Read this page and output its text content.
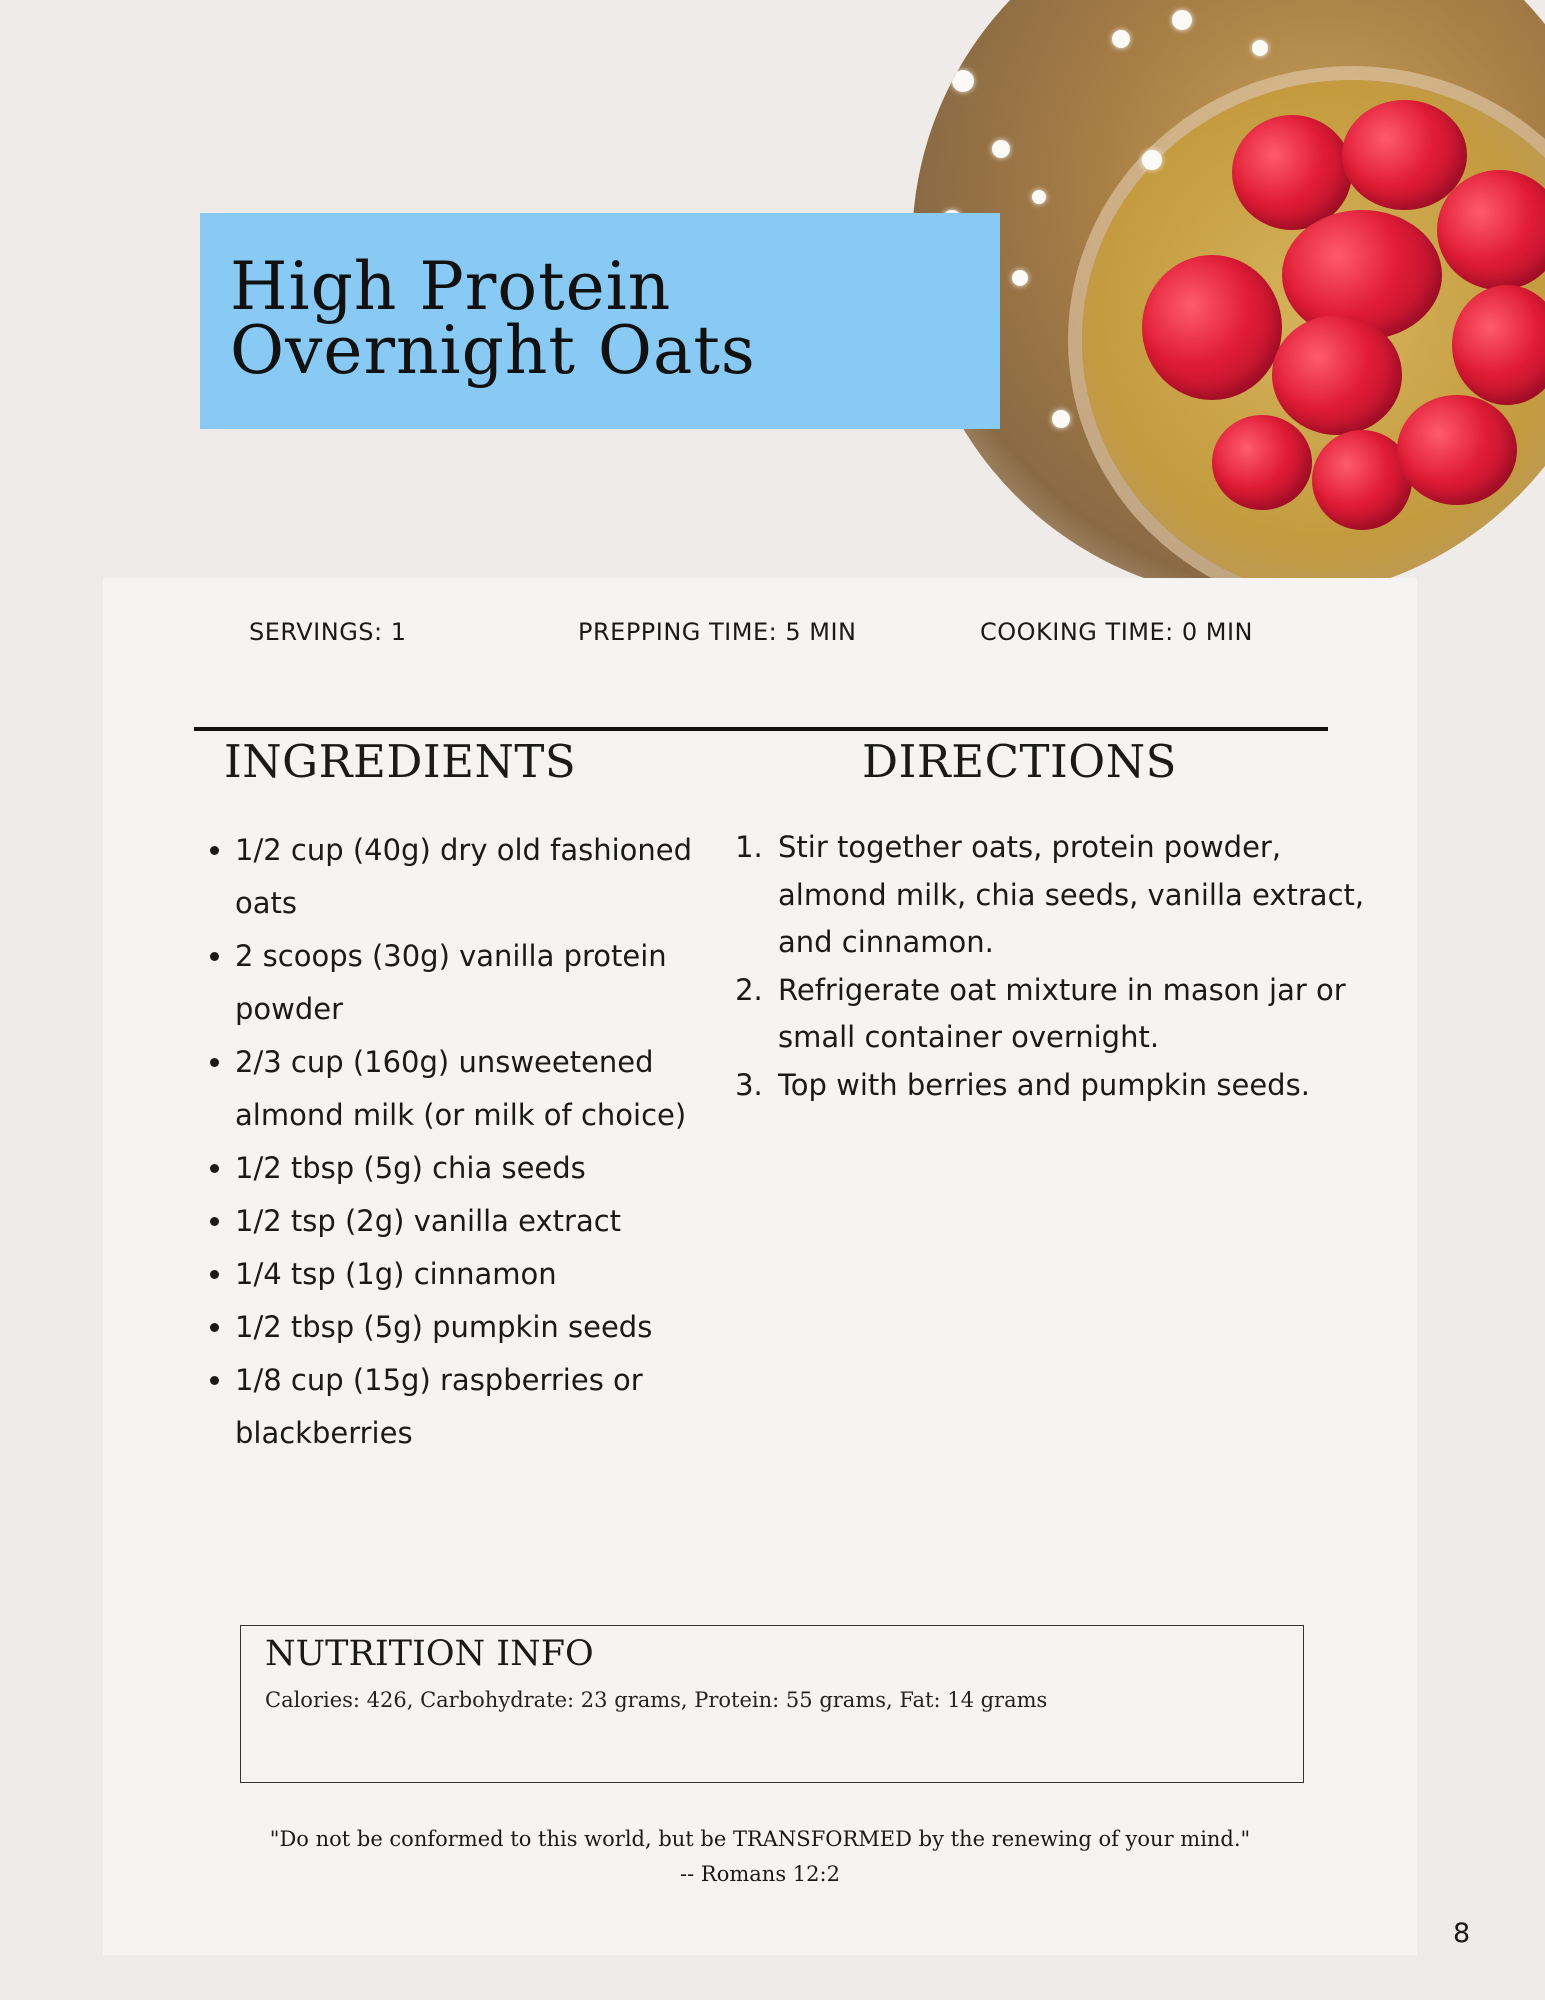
High Protein
Overnight Oats
SERVINGS: 1	PREPPING TIME: 5 MIN	COOKING TIME: 0 MIN
INGREDIENTS	DIRECTIONS
• 1/2 cup (40g) dry old fashioned oats
• 2 scoops (30g) vanilla protein powder
• 2/3 cup (160g) unsweetened almond milk (or milk of choice)
• 1/2 tbsp (5g) chia seeds
• 1/2 tsp (2g) vanilla extract
• 1/4 tsp (1g) cinnamon
• 1/2 tbsp (5g) pumpkin seeds
• 1/8 cup (15g) raspberries or blackberries
1. Stir together oats, protein powder, almond milk, chia seeds, vanilla extract, and cinnamon.
2. Refrigerate oat mixture in mason jar or small container overnight.
3. Top with berries and pumpkin seeds.
NUTRITION INFO

Calories: 426, Carbohydrate: 23 grams, Protein: 55 grams, Fat: 14 grams

"Do not be conformed to this world, but be TRANSFORMED by the renewing of your mind."
-- Romans 12:2
8
